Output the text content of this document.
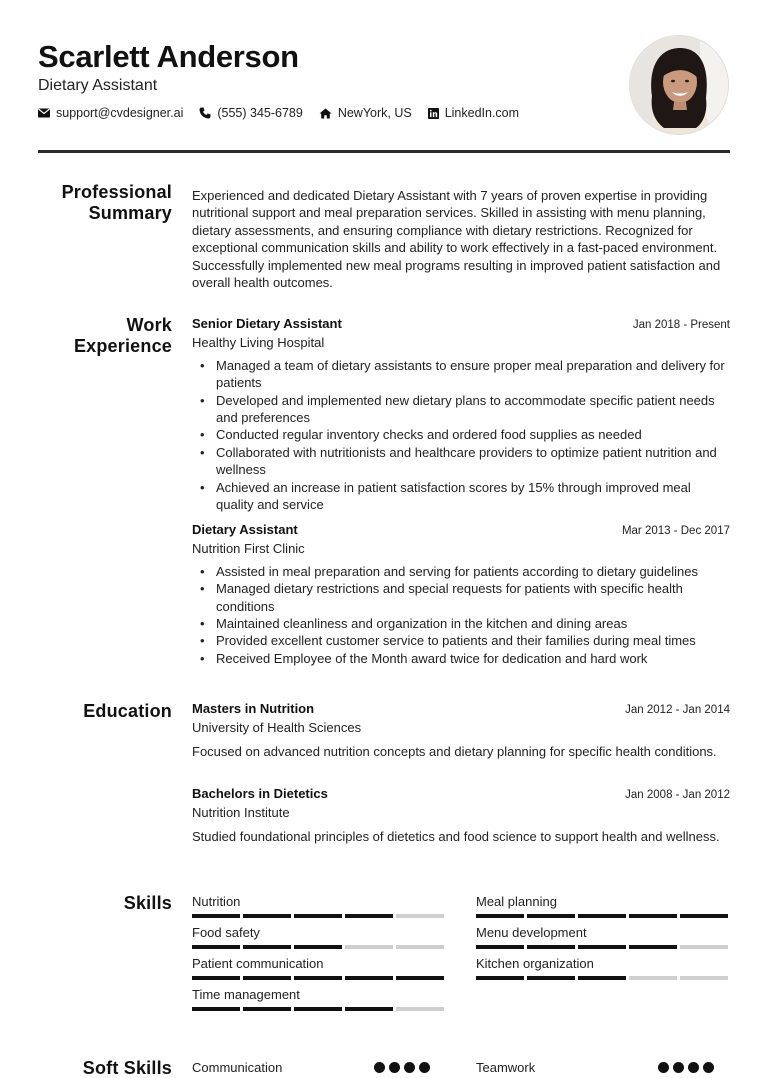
Scarlett Anderson
Dietary Assistant
support@cvdesigner.ai	(555) 345-6789	NewYork, US	LinkedIn.com
Professional
Summary
Experienced and dedicated Dietary Assistant with 7 years of proven expertise in providing nutritional support and meal preparation services. Skilled in assisting with menu planning, dietary assessments, and ensuring compliance with dietary restrictions. Recognized for exceptional communication skills and ability to work effectively in a fast-paced environment. Successfully implemented new meal programs resulting in improved patient satisfaction and overall health outcomes.
Work
Experience
Senior Dietary Assistant	Jan 2018 - Present
Healthy Living Hospital
• Managed a team of dietary assistants to ensure proper meal preparation and delivery for patients
• Developed and implemented new dietary plans to accommodate specific patient needs and preferences
• Conducted regular inventory checks and ordered food supplies as needed
• Collaborated with nutritionists and healthcare providers to optimize patient nutrition and wellness
• Achieved an increase in patient satisfaction scores by 15% through improved meal quality and service
Dietary Assistant	Mar 2013 - Dec 2017
Nutrition First Clinic
• Assisted in meal preparation and serving for patients according to dietary guidelines
• Managed dietary restrictions and special requests for patients with specific health conditions
• Maintained cleanliness and organization in the kitchen and dining areas
• Provided excellent customer service to patients and their families during meal times
• Received Employee of the Month award twice for dedication and hard work
Education Masters in Nutrition	Jan 2012 - Jan 2014
University of Health Sciences
Focused on advanced nutrition concepts and dietary planning for specific health conditions.
Bachelors in Dietetics	Jan 2008 - Jan 2012
Nutrition Institute
Studied foundational principles of dietetics and food science to support health and wellness.
Skills Nutrition	Meal planning
Food safety	Menu development
Patient communication	Kitchen organization
Time management
Soft Skills Communication	Teamwork
